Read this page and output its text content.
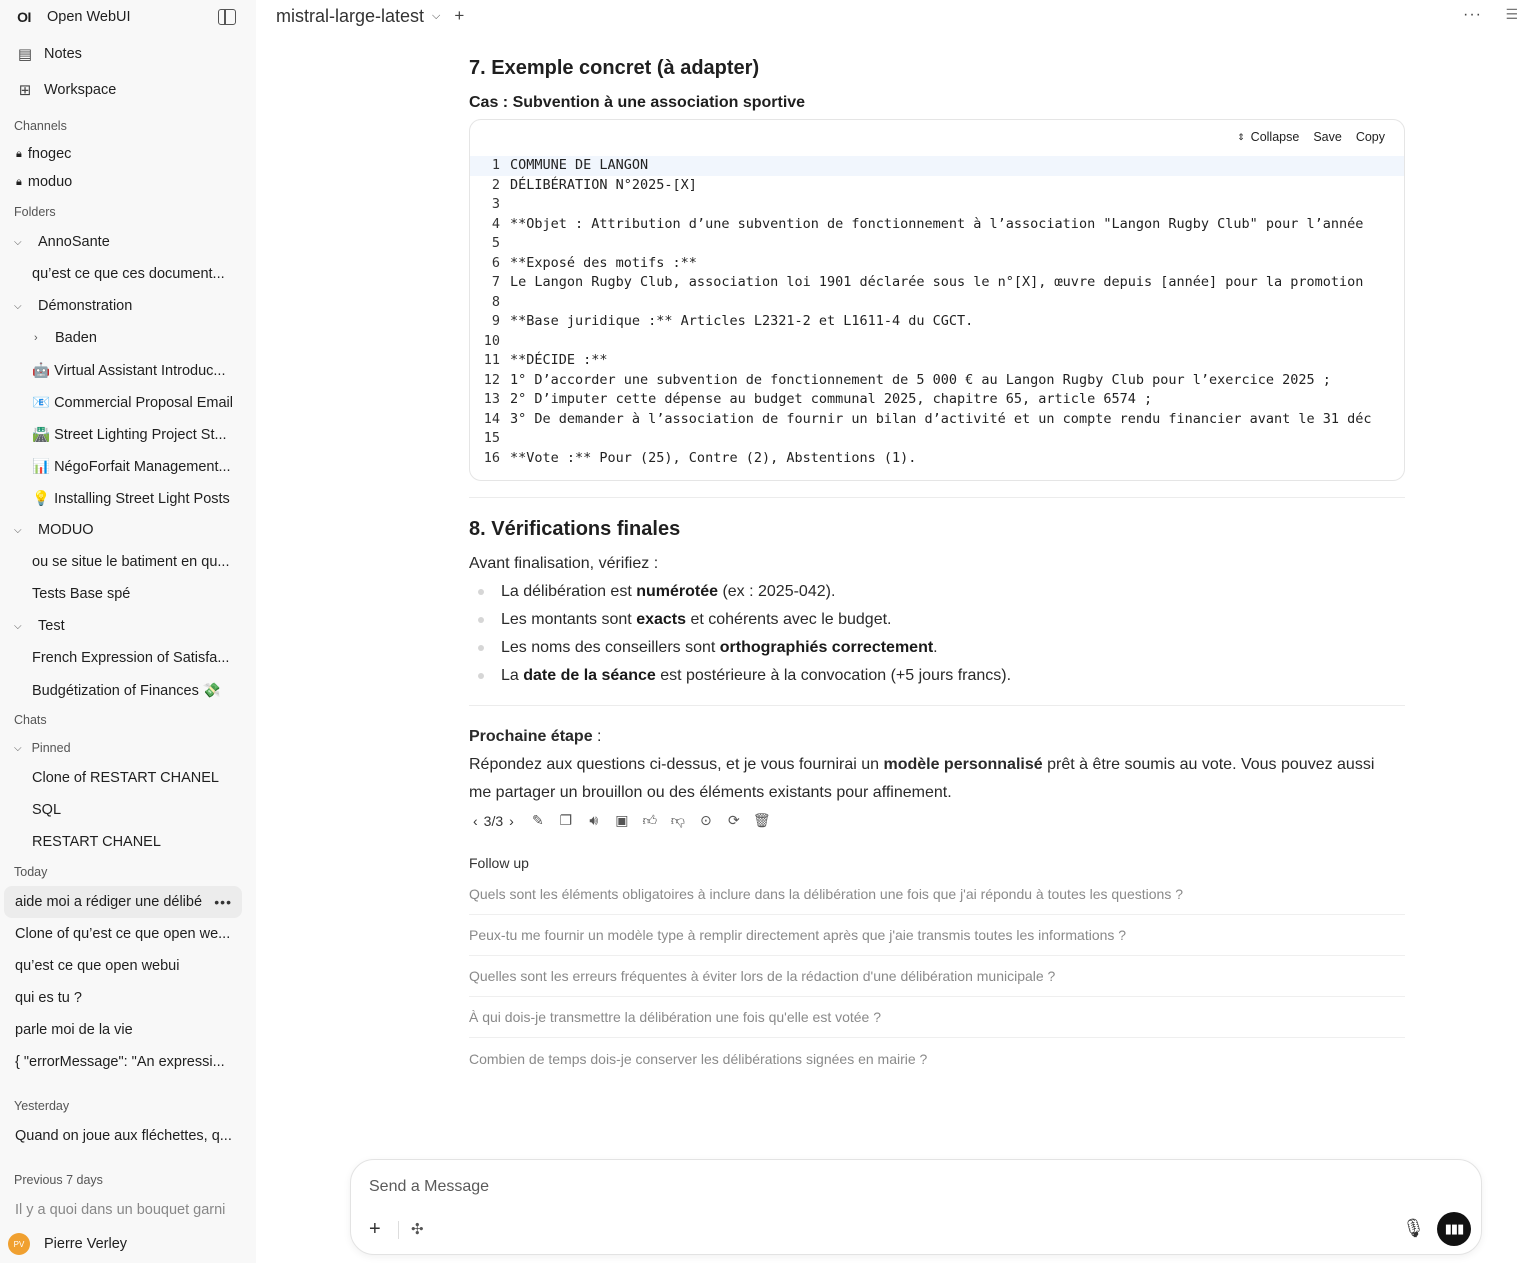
OI	Open WebUI
▤ Notes
⊞ Workspace
Channels
🔒︎ fnogec
🔒︎ moduo
Folders
⌵	AnnoSante
qu’est ce que ces document...
⌵	Démonstration
›	Baden
🤖 Virtual Assistant Introduc...
📧 Commercial Proposal Email
🛣️ Street Lighting Project St...
📊 NégoForfait Management...
💡 Installing Street Light Posts
⌵	MODUO
ou se situe le batiment en qu...
Tests Base spé
⌵	Test
French Expression of Satisfa...
Budgétization of Finances 💸
Chats
⌵ Pinned
Clone of RESTART CHANEL
SQL
RESTART CHANEL
Today
aide moi a rédiger une délibé •••
Clone of qu’est ce que open we...
qu’est ce que open webui
qui es tu ?
parle moi de la vie
{ "errorMessage": "An expressi...
Yesterday
Quand on joue aux fléchettes, q...
Previous 7 days
Il y a quoi dans un bouquet garni
PV	Pierre Verley
mistral-large-latest ⌵ +	··· ☰
7. Exemple concret (à adapter)
Cas : Subvention à une association sportive
⇕ Collapse Save Copy
1 COMMUNE DE LANGON
2 DÉLIBÉRATION N°2025-[X]
3
4 **Objet : Attribution d’une subvention de fonctionnement à l’association "Langon Rugby Club" pour l’année
5
6 **Exposé des motifs :**
7 Le Langon Rugby Club, association loi 1901 déclarée sous le n°[X], œuvre depuis [année] pour la promotion
8
9 **Base juridique :** Articles L2321-2 et L1611-4 du CGCT.
10
11 **DÉCIDE :**
12 1° D’accorder une subvention de fonctionnement de 5 000 € au Langon Rugby Club pour l’exercice 2025 ;
13 2° D’imputer cette dépense au budget communal 2025, chapitre 65, article 6574 ;
14 3° De demander à l’association de fournir un bilan d’activité et un compte rendu financier avant le 31 déc
15
16 **Vote :** Pour (25), Contre (2), Abstentions (1).
8. Vérifications finales
Avant finalisation, vérifiez :
La délibération est numérotée (ex : 2025-042).
Les montants sont exacts et cohérents avec le budget.
Les noms des conseillers sont orthographiés correctement.
La date de la séance est postérieure à la convocation (+5 jours francs).
Prochaine étape :
Répondez aux questions ci-dessus, et je vous fournirai un modèle personnalisé prêt à être soumis au vote. Vous pouvez aussi
me partager un brouillon ou des éléments existants pour affinement.
‹ 3/3 ›	✎	❐	🔊︎	▣	👍︎ 👎︎	⊙	⟳ 🗑︎
Follow up
Quels sont les éléments obligatoires à inclure dans la délibération une fois que j'ai répondu à toutes les questions ?
Peux-tu me fournir un modèle type à remplir directement après que j'aie transmis toutes les informations ?
Quelles sont les erreurs fréquentes à éviter lors de la rédaction d'une délibération municipale ?
À qui dois-je transmettre la délibération une fois qu'elle est votée ?
Combien de temps dois-je conserver les délibérations signées en mairie ?
Send a Message
+ ✣	🎙︎ ▮▮▮
